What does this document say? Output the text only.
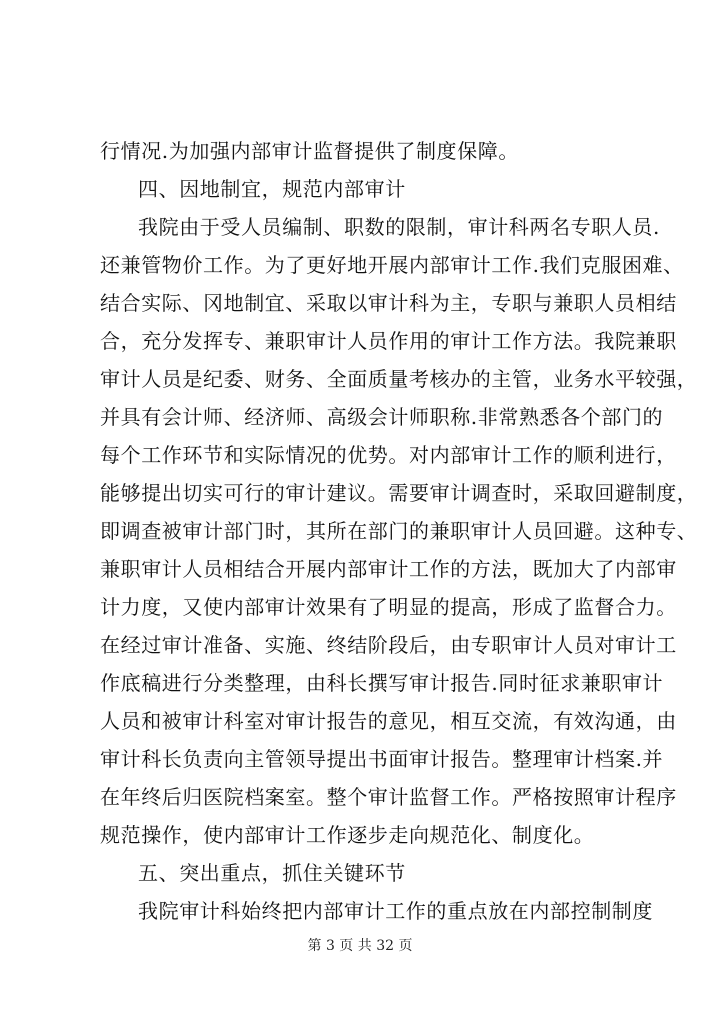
行情况.为加强内部审计监督提供了制度保障。
四、因地制宜，规范内部审计
我院由于受人员编制、职数的限制，审计科两名专职人员.
还兼管物价工作。为了更好地开展内部审计工作.我们克服困难、
结合实际、冈地制宜、采取以审计科为主，专职与兼职人员相结
合，充分发挥专、兼职审计人员作用的审计工作方法。我院兼职
审计人员是纪委、财务、全面质量考核办的主管，业务水平较强，
并具有会计师、经济师、高级会计师职称.非常熟悉各个部门的
每个工作环节和实际情况的优势。对内部审计工作的顺利进行，
能够提出切实可行的审计建议。需要审计调查时，采取回避制度，
即调查被审计部门时，其所在部门的兼职审计人员回避。这种专、
兼职审计人员相结合开展内部审计工作的方法，既加大了内部审
计力度，又使内部审计效果有了明显的提高，形成了监督合力。
在经过审计准备、实施、终结阶段后，由专职审计人员对审计工
作底稿进行分类整理，由科长撰写审计报告.同时征求兼职审计
人员和被审计科室对审计报告的意见，相互交流，有效沟通，由
审计科长负责向主管领导提出书面审计报告。整理审计档案.并
在年终后归医院档案室。整个审计监督工作。严格按照审计程序
规范操作，使内部审计工作逐步走向规范化、制度化。
五、突出重点，抓住关键环节
我院审计科始终把内部审计工作的重点放在内部控制制度
第 3 页 共 32 页
